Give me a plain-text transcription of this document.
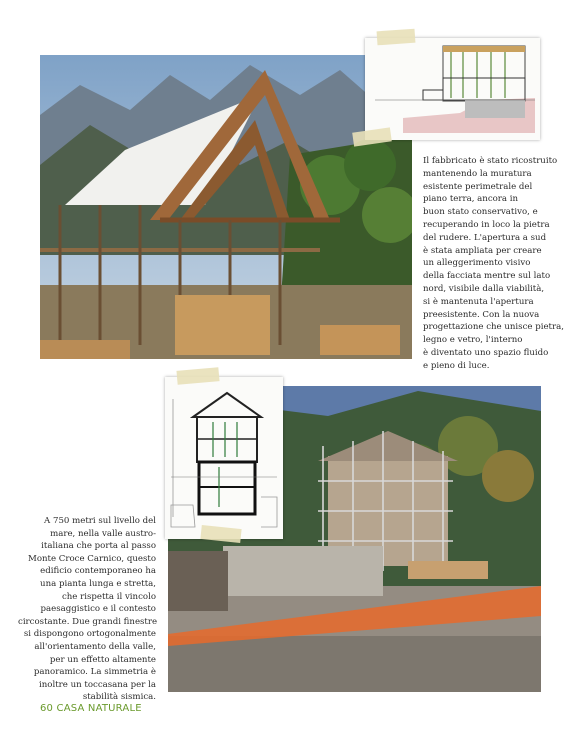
Il fabbricato è stato ricostruito
mantenendo la muratura
esistente perimetrale del
piano terra, ancora in
buon stato conservativo, e
recuperando in loco la pietra
del rudere. L'apertura a sud
è stata ampliata per creare
un alleggerimento visivo
della facciata mentre sul lato
nord, visibile dalla viabilità,
si è mantenuta l'apertura
preesistente. Con la nuova
progettazione che unisce pietra,
legno e vetro, l'interno
è diventato uno spazio fluido
e pieno di luce.
A 750 metri sul livello del
mare, nella valle austro-
italiana che porta al passo
Monte Croce Carnico, questo
edificio contemporaneo ha
una pianta lunga e stretta,
che rispetta il vincolo
paesaggistico e il contesto
circostante. Due grandi finestre
si dispongono ortogonalmente
all'orientamento della valle,
per un effetto altamente
panoramico. La simmetria è
inoltre un toccasana per la
stabilità sismica.
60 CASA NATURALE
